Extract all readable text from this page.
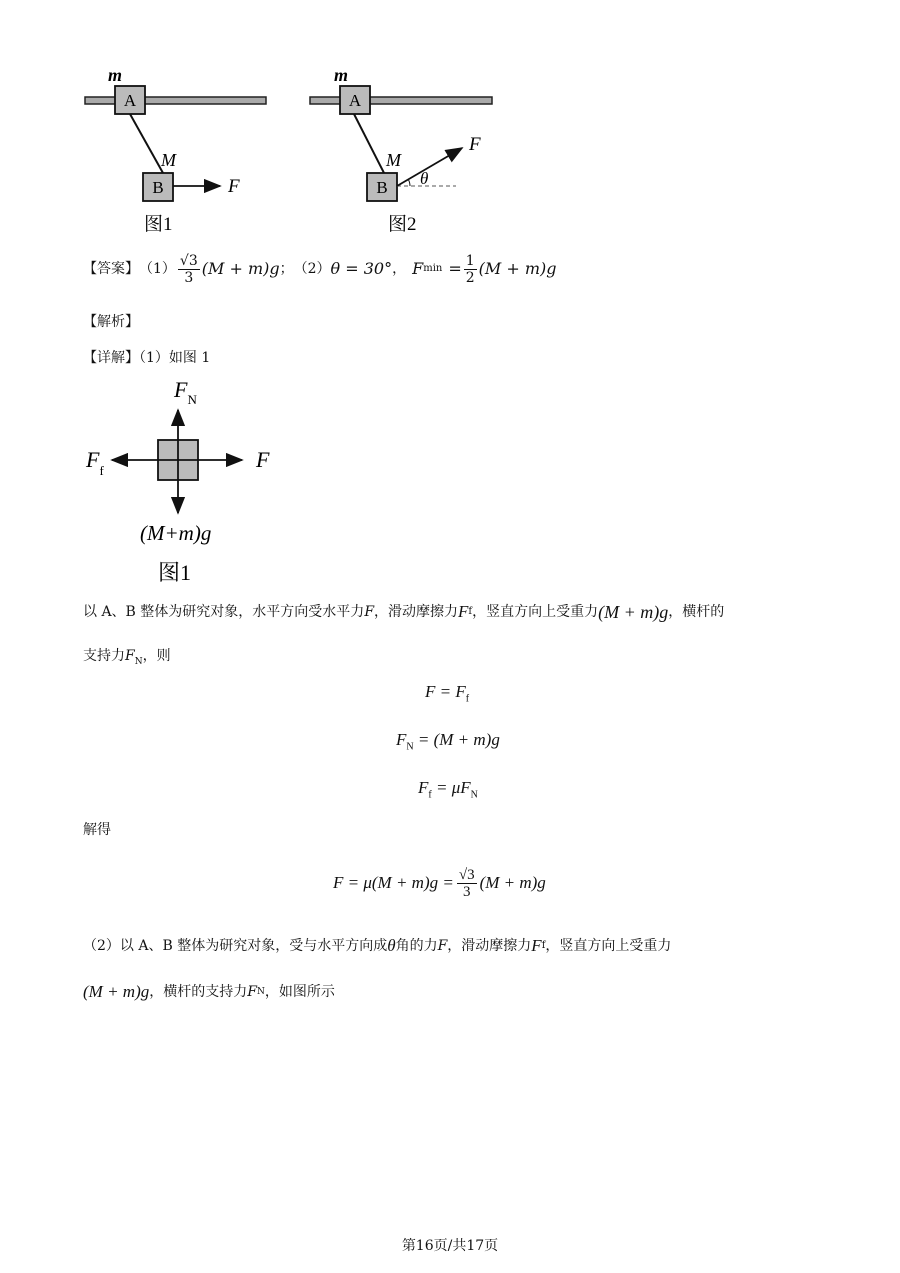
A
m
B
M
F
图1
A
m
B
M
θ
F
图2
【答案】 $(1) \frac{√3}{3} (M + m)g$ ； （2） θ = 30° ， F $\min = \frac{1}{2} (M + m)g$
【解析】
【详解】（1）如图 1
$F_N$
$F_f$	F
(M+m)g
图1
以 A、B 整体为研究对象，水平方向受水平力 F ，滑动摩擦力 F f ，竖直方向上受重力 (M + m)g ，横杆的
支持力$F_N$，则
$F = F_f$
$F_N = (M + m)g$
$F_f = \mu F_N$
解得
$F = \mu(M + m)g = \frac{√3}{3} (M + m)g$
（2）以 A、B 整体为研究对象，受与水平方向成 θ 角的力 F ，滑动摩擦力 F f ，竖直方向上受重力
(M + m)g ，横杆的支持力 F N ，如图所示
第16页/共17页
